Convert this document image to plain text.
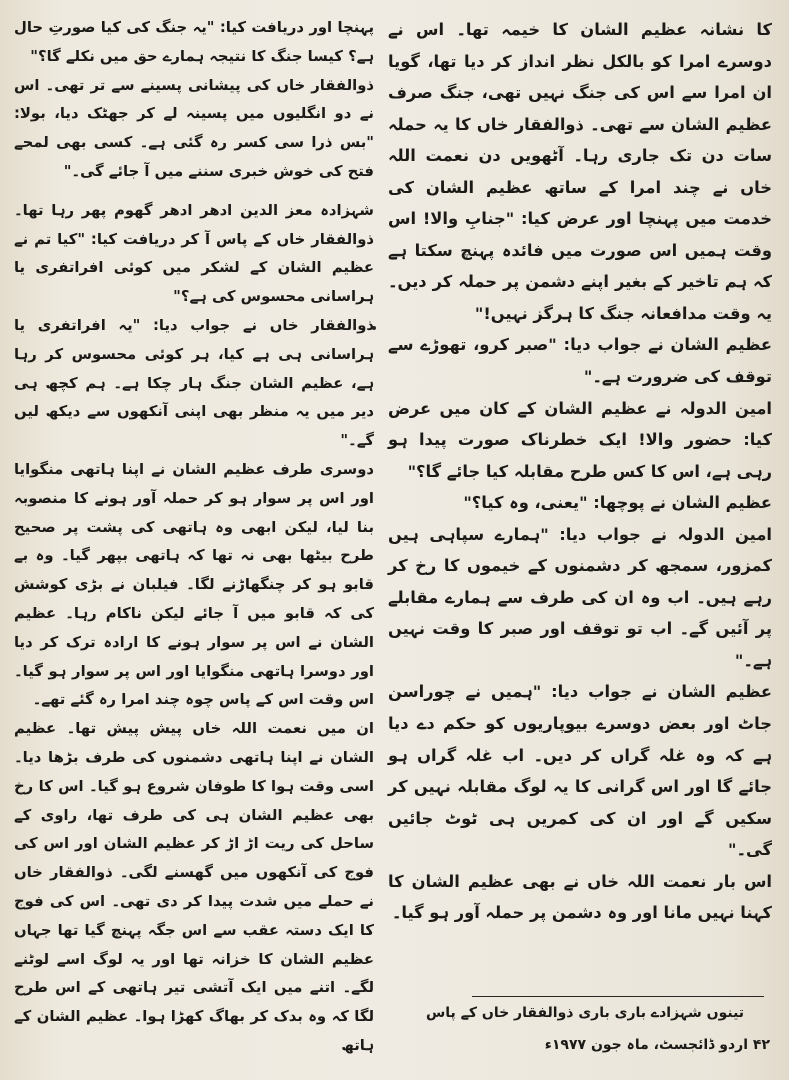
کا نشانہ عظیم الشان کا خیمہ تھا۔ اس نے دوسرے امرا کو بالکل نظر انداز کر دیا تھا، گویا ان امرا سے اس کی جنگ نہیں تھی، جنگ صرف عظیم الشان سے تھی۔ ذوالفقار خاں کا یہ حملہ سات دن تک جاری رہا۔ آٹھویں دن نعمت اللہ خاں نے چند امرا کے ساتھ عظیم الشان کی خدمت میں پہنچا اور عرض کیا: "جنابِ والا! اس وقت ہمیں اس صورت میں فائدہ پہنچ سکتا ہے کہ ہم تاخیر کے بغیر اپنے دشمن پر حملہ کر دیں۔ یہ وقت مدافعانہ جنگ کا ہرگز نہیں!"

عظیم الشان نے جواب دیا: "صبر کرو، تھوڑے سے توقف کی ضرورت ہے۔"

امین الدولہ نے عظیم الشان کے کان میں عرض کیا: حضور والا! ایک خطرناک صورت پیدا ہو رہی ہے، اس کا کس طرح مقابلہ کیا جائے گا؟"

عظیم الشان نے پوچھا: "یعنی، وہ کیا؟"

امین الدولہ نے جواب دیا: "ہمارے سپاہی ہیں کمزور، سمجھ کر دشمنوں کے خیموں کا رخ کر رہے ہیں۔ اب وہ ان کی طرف سے ہمارے مقابلے پر آئیں گے۔ اب تو توقف اور صبر کا وقت نہیں ہے۔"

عظیم الشان نے جواب دیا: "ہمیں نے چوراسن جاٹ اور بعض دوسرے بیوپاریوں کو حکم دے دیا ہے کہ وہ غلہ گراں کر دیں۔ اب غلہ گراں ہو جائے گا اور اس گرانی کا یہ لوگ مقابلہ نہیں کر سکیں گے اور ان کی کمریں ہی ٹوٹ جائیں گی۔"

اس بار نعمت اللہ خاں نے بھی عظیم الشان کا کہنا نہیں مانا اور وہ دشمن پر حملہ آور ہو گیا۔

پہنچا اور دریافت کیا: "یہ جنگ کی کیا صورتِ حال ہے؟ کیسا جنگ کا نتیجہ ہمارے حق میں نکلے گا؟"

ذوالفقار خاں کی پیشانی پسینے سے تر تھی۔ اس نے دو انگلیوں میں پسینہ لے کر جھٹک دیا، بولا: "بس ذرا سی کسر رہ گئی ہے۔ کسی بھی لمحے فتح کی خوش خبری سننے میں آ جائے گی۔"

شہزادہ معز الدین ادھر ادھر گھوم پھر رہا تھا۔ ذوالفقار خاں کے پاس آ کر دریافت کیا: "کیا تم نے عظیم الشان کے لشکر میں کوئی افراتفری یا ہراسانی محسوس کی ہے؟"

ذوالفقار خاں نے جواب دیا: "یہ افراتفری یا ہراسانی ہی ہے کیا، ہر کوئی محسوس کر رہا ہے، عظیم الشان جنگ ہار چکا ہے۔ ہم کچھ ہی دیر میں یہ منظر بھی اپنی آنکھوں سے دیکھ لیں گے۔"

دوسری طرف عظیم الشان نے اپنا ہاتھی منگوایا اور اس پر سوار ہو کر حملہ آور ہونے کا منصوبہ بنا لیا، لیکن ابھی وہ ہاتھی کی پشت پر صحیح طرح بیٹھا بھی نہ تھا کہ ہاتھی بپھر گیا۔ وہ بے قابو ہو کر چنگھاڑنے لگا۔ فیلبان نے بڑی کوشش کی کہ قابو میں آ جائے لیکن ناکام رہا۔ عظیم الشان نے اس پر سوار ہونے کا ارادہ ترک کر دیا اور دوسرا ہاتھی منگوایا اور اس پر سوار ہو گیا۔ اس وقت اس کے پاس چوہ چند امرا رہ گئے تھے۔

ان میں نعمت اللہ خاں پیش پیش تھا۔ عظیم الشان نے اپنا ہاتھی دشمنوں کی طرف بڑھا دیا۔ اسی وقت ہوا کا طوفان شروع ہو گیا۔ اس کا رخ بھی عظیم الشان ہی کی طرف تھا، راوی کے ساحل کی ریت اڑ اڑ کر عظیم الشان اور اس کی فوج کی آنکھوں میں گھسنے لگی۔ ذوالفقار خاں نے حملے میں شدت پیدا کر دی تھی۔ اس کی فوج کا ایک دستہ عقب سے اس جگہ پہنچ گیا تھا جہاں عظیم الشان کا خزانہ تھا اور یہ لوگ اسے لوٹنے لگے۔ اتنے میں ایک آتشی تیر ہاتھی کے اس طرح لگا کہ وہ بدک کر بھاگ کھڑا ہوا۔ عظیم الشان کے ہاتھ

تینوں شہزادے باری باری ذوالفقار خاں کے پاس
۴۲ اردو ڈائجسٹ، ماہ جون ۱۹۷۷ء
